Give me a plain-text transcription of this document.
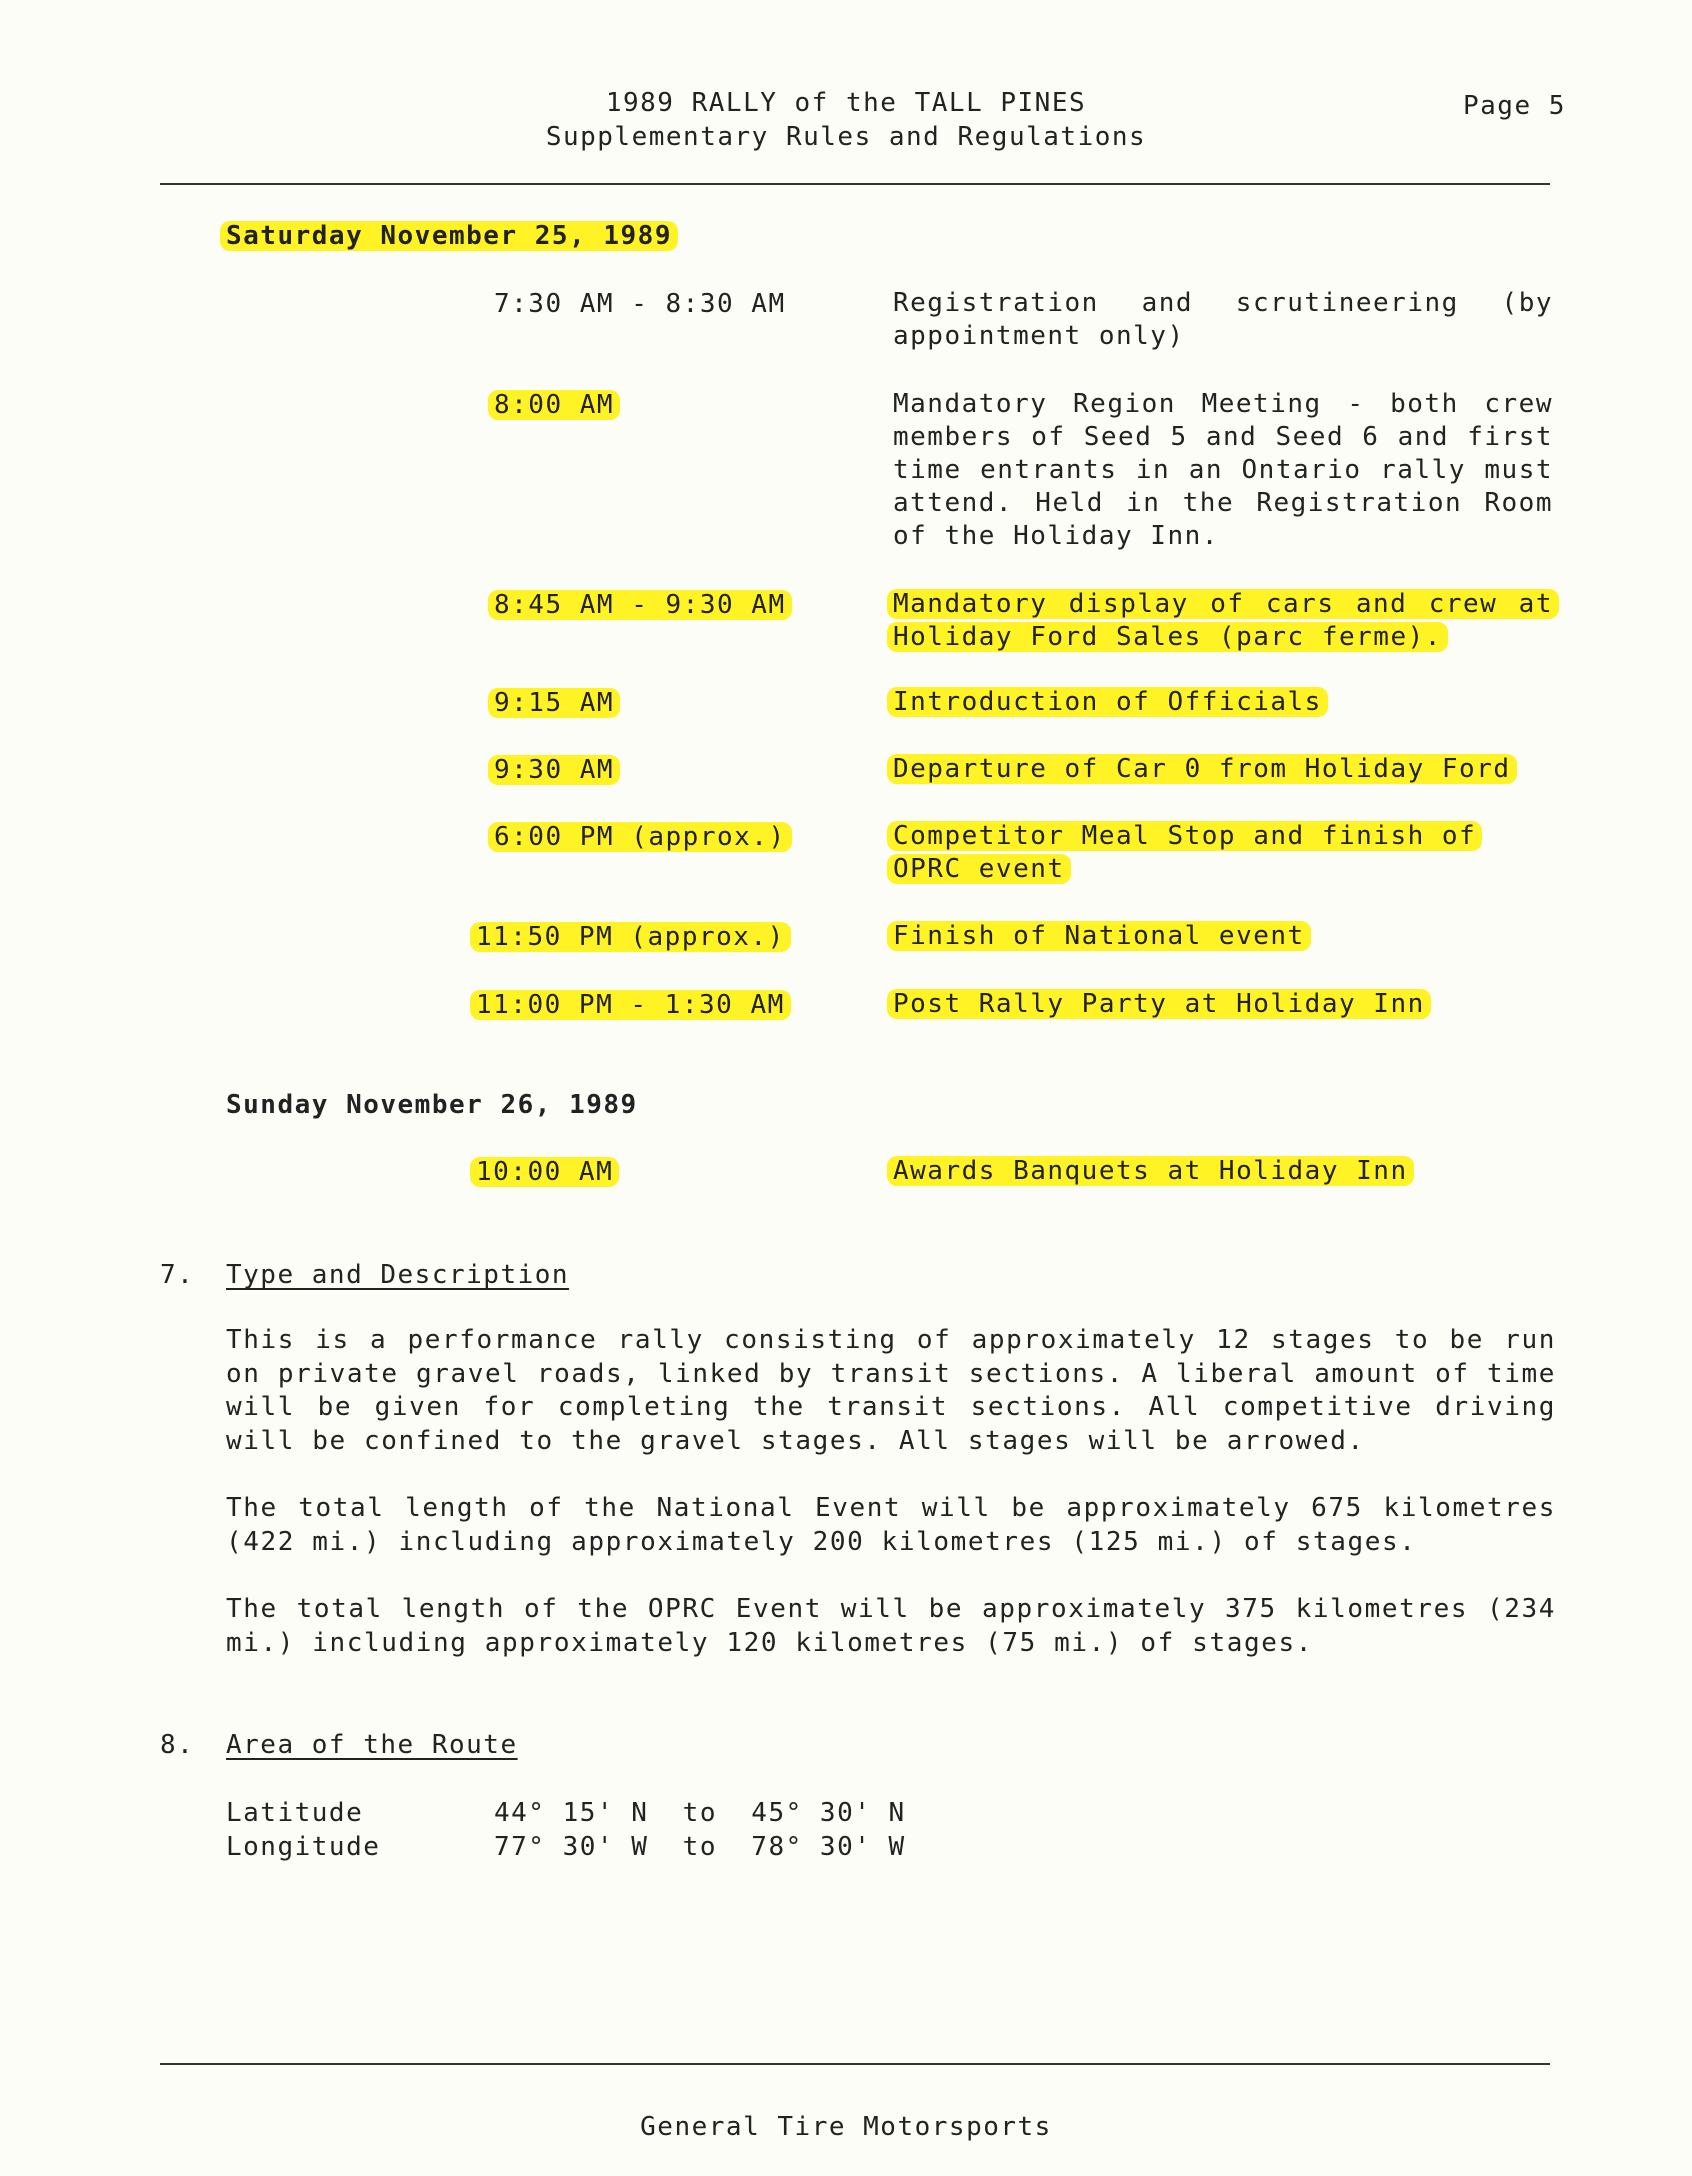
1989 RALLY of the TALL PINES
Supplementary Rules and Regulations
Page 5
Saturday November 25, 1989
7:30 AM - 8:30 AM	Registration and scrutineering (by appointment only)
8:00 AM	Mandatory Region Meeting - both crew members of Seed 5 and Seed 6 and first time entrants in an Ontario rally must attend. Held in the Registration Room of the Holiday Inn.
8:45 AM - 9:30 AM	Mandatory display of cars and crew at Holiday Ford Sales (parc ferme).
9:15 AM	Introduction of Officials
9:30 AM	Departure of Car 0 from Holiday Ford
6:00 PM (approx.)	Competitor Meal Stop and finish of OPRC event
11:50 PM (approx.)	Finish of National event
11:00 PM - 1:30 AM	Post Rally Party at Holiday Inn
Sunday November 26, 1989
10:00 AM	Awards Banquets at Holiday Inn
7. Type and Description
This is a performance rally consisting of approximately 12 stages to be run on private gravel roads, linked by transit sections. A liberal amount of time will be given for completing the transit sections. All competitive driving will be confined to the gravel stages. All stages will be arrowed.
The total length of the National Event will be approximately 675 kilometres (422 mi.) including approximately 200 kilometres (125 mi.) of stages.
The total length of the OPRC Event will be approximately 375 kilometres (234 mi.) including approximately 120 kilometres (75 mi.) of stages.
8. Area of the Route
Latitude	44° 15' N  to  45° 30' N
Longitude	77° 30' W  to  78° 30' W
General Tire Motorsports
